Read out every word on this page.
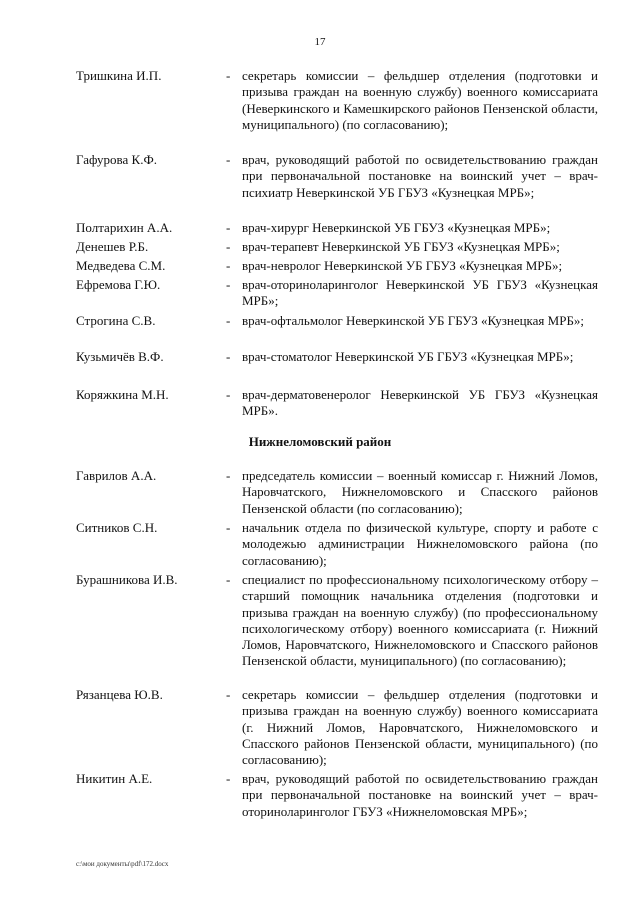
17
Тришкина И.П.	- секретарь комиссии – фельдшер отделения (подготовки и призыва граждан на военную службу) военного комиссариата (Неверкинского и Камешкирского районов Пензенской области, муниципального) (по согласованию);
Гафурова К.Ф.	- врач, руководящий работой по освидетельствованию граждан при первоначальной постановке на воинский учет – врач-психиатр Неверкинской УБ ГБУЗ «Кузнецкая МРБ»;
Полтарихин А.А.	- врач-хирург Неверкинской УБ ГБУЗ «Кузнецкая МРБ»;
Денешев Р.Б.	- врач-терапевт Неверкинской УБ ГБУЗ «Кузнецкая МРБ»;
Медведева С.М.	- врач-невролог Неверкинской УБ ГБУЗ «Кузнецкая МРБ»;
Ефремова Г.Ю.	- врач-оториноларинголог Неверкинской УБ ГБУЗ «Кузнецкая МРБ»;
Строгина С.В.	- врач-офтальмолог Неверкинской УБ ГБУЗ «Кузнецкая МРБ»;
Кузьмичёв В.Ф.	- врач-стоматолог Неверкинской УБ ГБУЗ «Кузнецкая МРБ»;
Коряжкина М.Н.	- врач-дерматовенеролог Неверкинской УБ ГБУЗ «Кузнецкая МРБ».
Нижнеломовский район
Гаврилов А.А.	- председатель комиссии – военный комиссар г. Нижний Ломов, Наровчатского, Нижнеломовского и Спасского районов Пензенской области (по согласованию);
Ситников С.Н.	- начальник отдела по физической культуре, спорту и работе с молодежью администрации Нижнеломовского района (по согласованию);
Бурашникова И.В.	- специалист по профессиональному психологическому отбору – старший помощник начальника отделения (подготовки и призыва граждан на военную службу) (по профессиональному психологическому отбору) военного комиссариата (г. Нижний Ломов, Наровчатского, Нижнеломовского и Спасского районов Пензенской области, муниципального) (по согласованию);
Рязанцева Ю.В.	- секретарь комиссии – фельдшер отделения (подготовки и призыва граждан на военную службу) военного комиссариата (г. Нижний Ломов, Наровчатского, Нижнеломовского и Спасского районов Пензенской области, муниципального) (по согласованию);
Никитин А.Е.	- врач, руководящий работой по освидетельствованию граждан при первоначальной постановке на воинский учет – врач-оториноларинголог ГБУЗ «Нижнеломовская МРБ»;
c:\мои документы\pdf\172.docx
